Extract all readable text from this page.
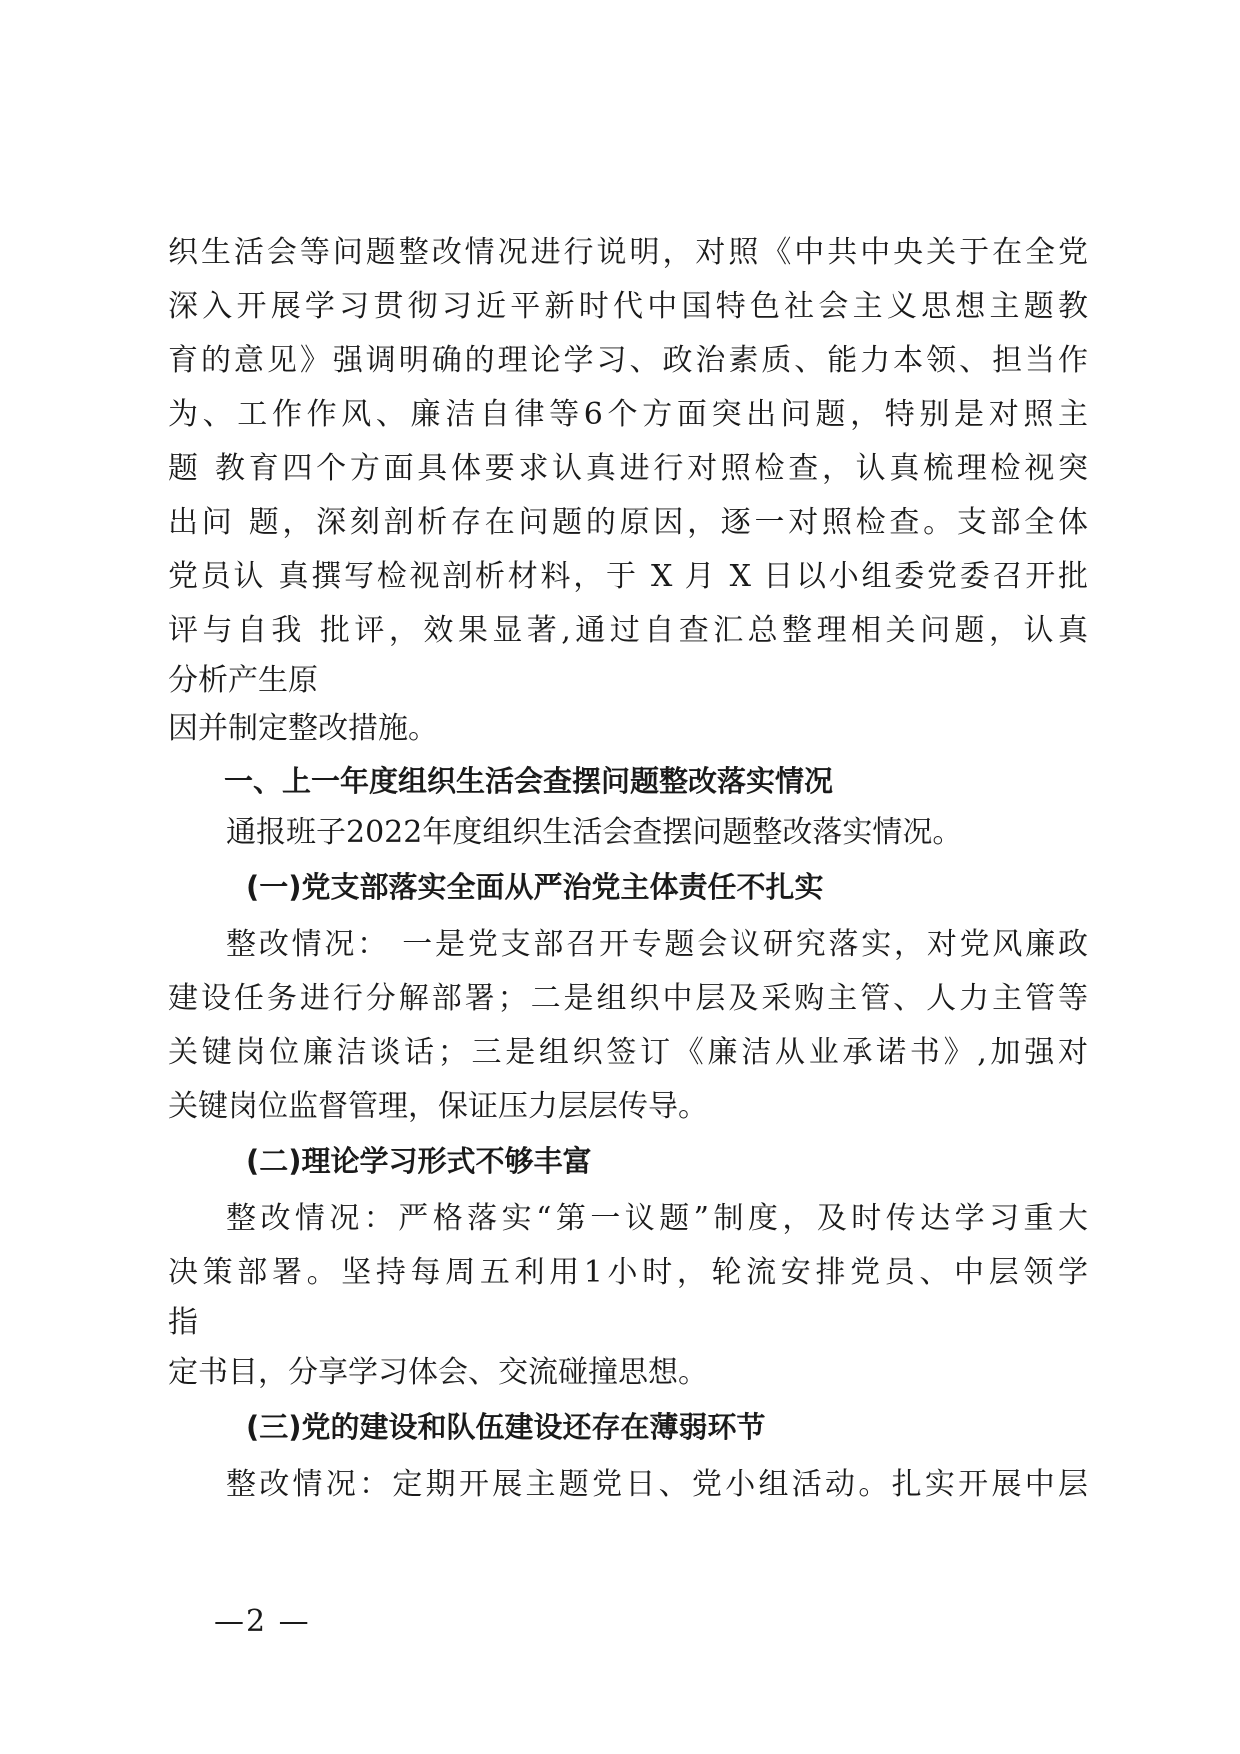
织生活会等问题整改情况进行说明，对照《中共中央关于在全党
深入开展学习贯彻习近平新时代中国特色社会主义思想主题教
育的意见》强调明确的理论学习、政治素质、能力本领、担当作
为、工作作风、廉洁自律等6个方面突出问题，特别是对照主
题 教育四个方面具体要求认真进行对照检查，认真梳理检视突
出问 题，深刻剖析存在问题的原因，逐一对照检查。支部全体
党员认 真撰写检视剖析材料，于 X 月 X 日以小组委党委召开批
评与自我 批评，效果显著,通过自查汇总整理相关问题，认真
分析产生原
因并制定整改措施。
一、上一年度组织生活会查摆问题整改落实情况
通报班子2022年度组织生活会查摆问题整改落实情况。
(一)党支部落实全面从严治党主体责任不扎实
整改情况： 一是党支部召开专题会议研究落实，对党风廉政
建设任务进行分解部署；二是组织中层及采购主管、人力主管等
关键岗位廉洁谈话；三是组织签订《廉洁从业承诺书》,加强对
关键岗位监督管理，保证压力层层传导。
(二)理论学习形式不够丰富
整改情况：严格落实“第一议题”制度，及时传达学习重大
决策部署。坚持每周五利用1小时，轮流安排党员、中层领学
指
定书目，分享学习体会、交流碰撞思想。
(三)党的建设和队伍建设还存在薄弱环节
整改情况：定期开展主题党日、党小组活动。扎实开展中层
—2 —
